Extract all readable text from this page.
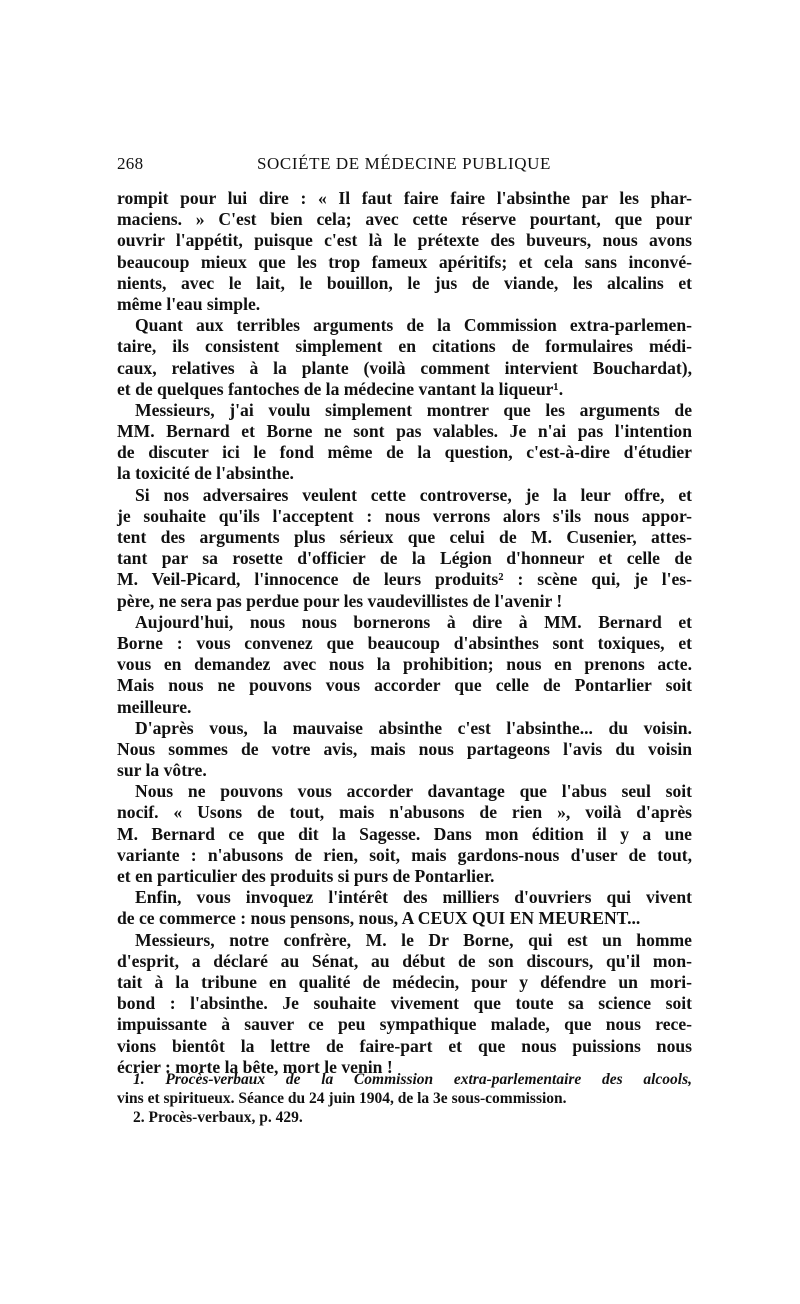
268	SOCIÉTE DE MÉDECINE PUBLIQUE
rompit pour lui dire : « Il faut faire faire l'absinthe par les phar-
maciens. » C'est bien cela; avec cette réserve pourtant, que pour
ouvrir l'appétit, puisque c'est là le prétexte des buveurs, nous avons
beaucoup mieux que les trop fameux apéritifs; et cela sans inconvé-
nients, avec le lait, le bouillon, le jus de viande, les alcalins et
même l'eau simple.
Quant aux terribles arguments de la Commission extra-parlemen-
taire, ils consistent simplement en citations de formulaires médi-
caux, relatives à la plante (voilà comment intervient Bouchardat),
et de quelques fantoches de la médecine vantant la liqueur¹.
Messieurs, j'ai voulu simplement montrer que les arguments de
MM. Bernard et Borne ne sont pas valables. Je n'ai pas l'intention
de discuter ici le fond même de la question, c'est-à-dire d'étudier
la toxicité de l'absinthe.
Si nos adversaires veulent cette controverse, je la leur offre, et
je souhaite qu'ils l'acceptent : nous verrons alors s'ils nous appor-
tent des arguments plus sérieux que celui de M. Cusenier, attes-
tant par sa rosette d'officier de la Légion d'honneur et celle de
M. Veil-Picard, l'innocence de leurs produits² : scène qui, je l'es-
père, ne sera pas perdue pour les vaudevillistes de l'avenir !
Aujourd'hui, nous nous bornerons à dire à MM. Bernard et
Borne : vous convenez que beaucoup d'absinthes sont toxiques, et
vous en demandez avec nous la prohibition; nous en prenons acte.
Mais nous ne pouvons vous accorder que celle de Pontarlier soit
meilleure.
D'après vous, la mauvaise absinthe c'est l'absinthe... du voisin.
Nous sommes de votre avis, mais nous partageons l'avis du voisin
sur la vôtre.
Nous ne pouvons vous accorder davantage que l'abus seul soit
nocif. « Usons de tout, mais n'abusons de rien », voilà d'après
M. Bernard ce que dit la Sagesse. Dans mon édition il y a une
variante : n'abusons de rien, soit, mais gardons-nous d'user de tout,
et en particulier des produits si purs de Pontarlier.
Enfin, vous invoquez l'intérêt des milliers d'ouvriers qui vivent
de ce commerce : nous pensons, nous, A CEUX QUI EN MEURENT...
Messieurs, notre confrère, M. le Dr Borne, qui est un homme
d'esprit, a déclaré au Sénat, au début de son discours, qu'il mon-
tait à la tribune en qualité de médecin, pour y défendre un mori-
bond : l'absinthe. Je souhaite vivement que toute sa science soit
impuissante à sauver ce peu sympathique malade, que nous rece-
vions bientôt la lettre de faire-part et que nous puissions nous
écrier : morte la bête, mort le venin !
1. Procès-verbaux de la Commission extra-parlementaire des alcools,
vins et spiritueux. Séance du 24 juin 1904, de la 3e sous-commission.
2. Procès-verbaux, p. 429.
